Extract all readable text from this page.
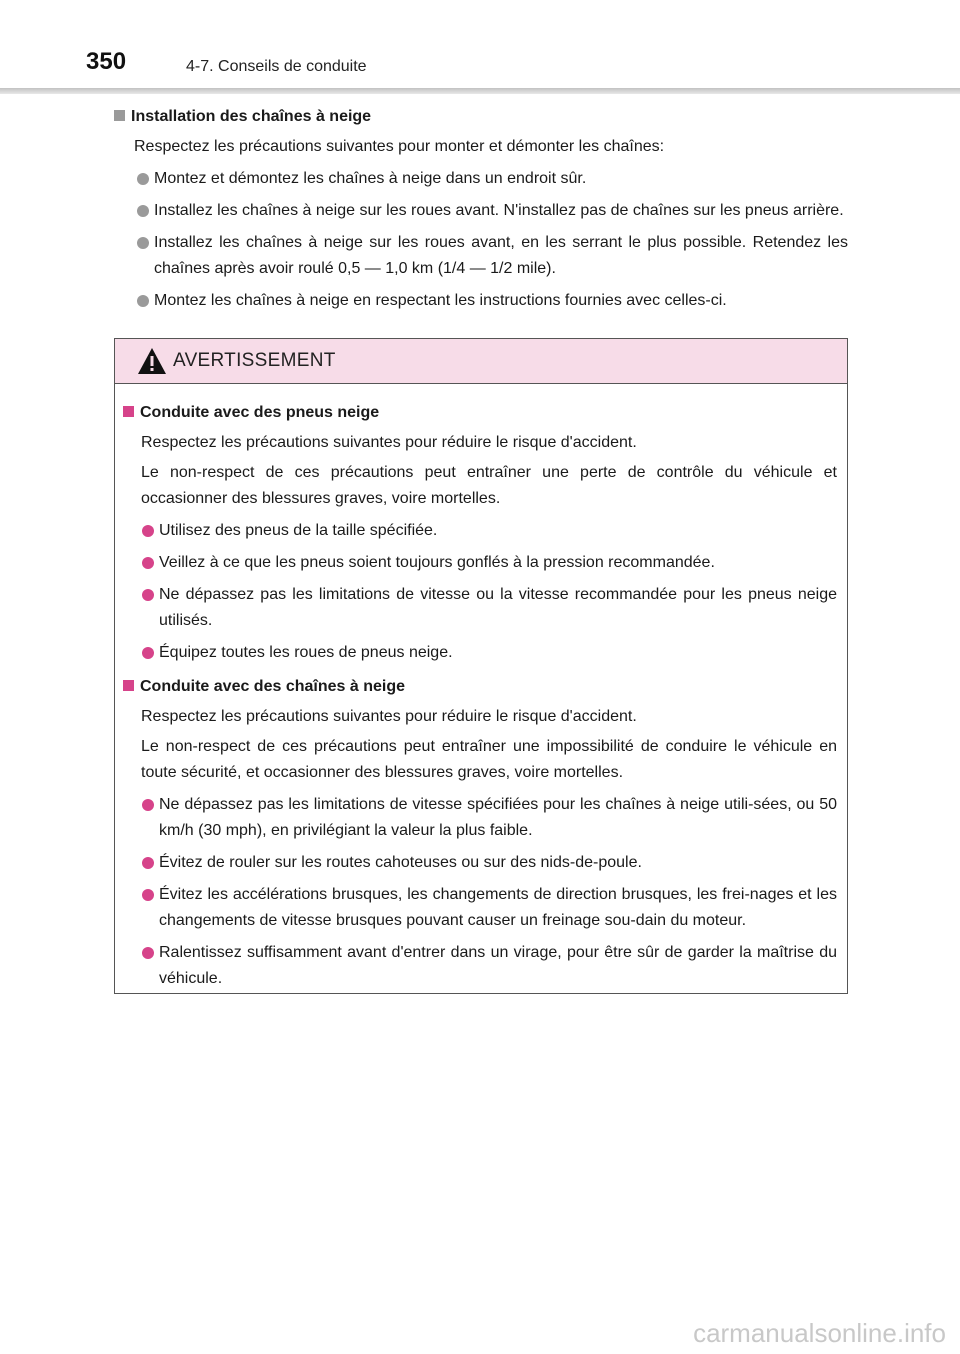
350	4-7. Conseils de conduite
Installation des chaînes à neige
Respectez les précautions suivantes pour monter et démonter les chaînes:
Montez et démontez les chaînes à neige dans un endroit sûr.
Installez les chaînes à neige sur les roues avant. N'installez pas de chaînes sur les pneus arrière.
Installez les chaînes à neige sur les roues avant, en les serrant le plus possible. Retendez les chaînes après avoir roulé 0,5 — 1,0 km (1/4 — 1/2 mile).
Montez les chaînes à neige en respectant les instructions fournies avec celles-ci.
AVERTISSEMENT
Conduite avec des pneus neige
Respectez les précautions suivantes pour réduire le risque d'accident.
Le non-respect de ces précautions peut entraîner une perte de contrôle du véhicule et occasionner des blessures graves, voire mortelles.
Utilisez des pneus de la taille spécifiée.
Veillez à ce que les pneus soient toujours gonflés à la pression recommandée.
Ne dépassez pas les limitations de vitesse ou la vitesse recommandée pour les pneus neige utilisés.
Équipez toutes les roues de pneus neige.
Conduite avec des chaînes à neige
Respectez les précautions suivantes pour réduire le risque d'accident.
Le non-respect de ces précautions peut entraîner une impossibilité de conduire le véhicule en toute sécurité, et occasionner des blessures graves, voire mortelles.
Ne dépassez pas les limitations de vitesse spécifiées pour les chaînes à neige utili-sées, ou 50 km/h (30 mph), en privilégiant la valeur la plus faible.
Évitez de rouler sur les routes cahoteuses ou sur des nids-de-poule.
Évitez les accélérations brusques, les changements de direction brusques, les frei-nages et les changements de vitesse brusques pouvant causer un freinage sou-dain du moteur.
Ralentissez suffisamment avant d'entrer dans un virage, pour être sûr de garder la maîtrise du véhicule.
carmanualsonline.info
